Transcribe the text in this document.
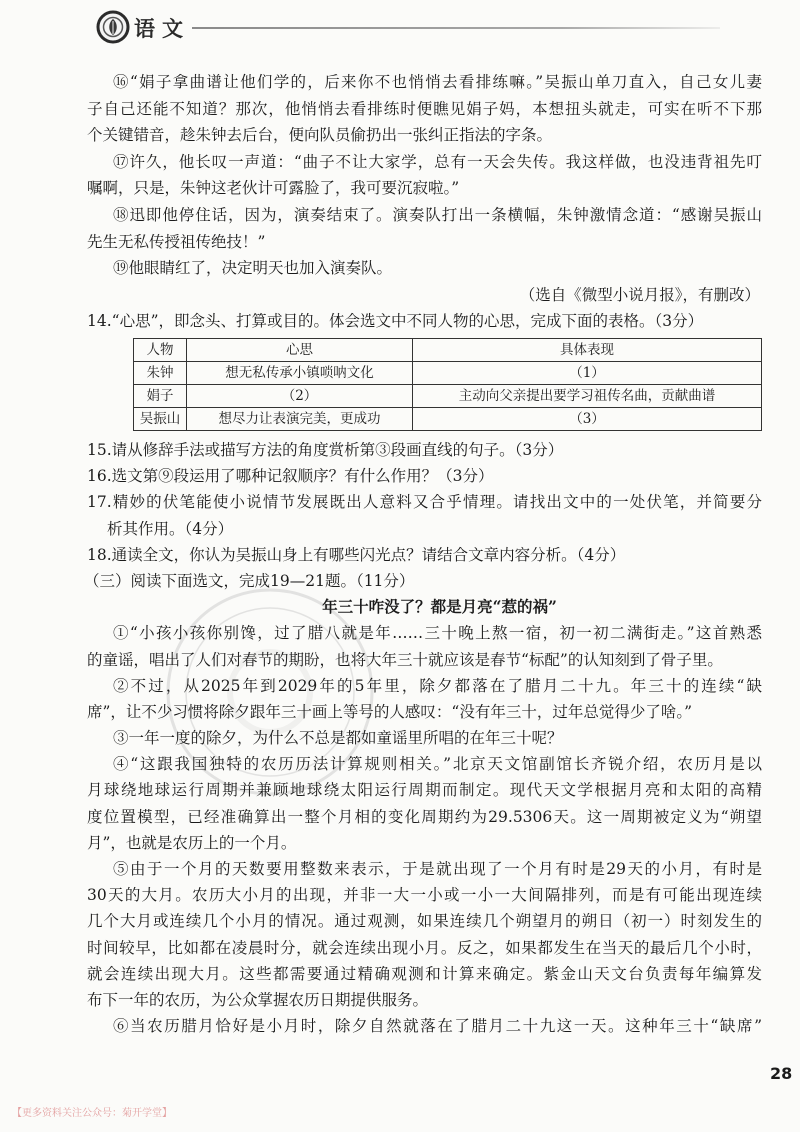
语文
⑯“娟子拿曲谱让他们学的，后来你不也悄悄去看排练嘛。”吴振山单刀直入，自己女儿妻
子自己还能不知道？那次，他悄悄去看排练时便瞧见娟子妈，本想扭头就走，可实在听不下那
个关键错音，趁朱钟去后台，便向队员偷扔出一张纠正指法的字条。
⑰许久，他长叹一声道：“曲子不让大家学，总有一天会失传。我这样做，也没违背祖先叮
嘱啊，只是，朱钟这老伙计可露脸了，我可要沉寂啦。”
⑱迅即他停住话，因为，演奏结束了。演奏队打出一条横幅，朱钟激情念道：“感谢吴振山
先生无私传授祖传绝技！”
⑲他眼睛红了，决定明天也加入演奏队。
（选自《微型小说月报》，有删改）
14.“心思”，即念头、打算或目的。体会选文中不同人物的心思，完成下面的表格。（3分）
人物	心思	具体表现
朱钟	想无私传承小镇唢呐文化	（1）
娟子	（2）	主动向父亲提出要学习祖传名曲，贡献曲谱
吴振山	想尽力让表演完美，更成功	（3）
15.请从修辞手法或描写方法的角度赏析第③段画直线的句子。（3分）
16.选文第⑨段运用了哪种记叙顺序？有什么作用？（3分）
17.精妙的伏笔能使小说情节发展既出人意料又合乎情理。请找出文中的一处伏笔，并简要分
析其作用。（4分）
18.通读全文，你认为吴振山身上有哪些闪光点？请结合文章内容分析。（4分）
（三）阅读下面选文，完成19—21题。（11分）
年三十咋没了？都是月亮“惹的祸”
①“小孩小孩你别馋，过了腊八就是年……三十晚上熬一宿，初一初二满街走。”这首熟悉
的童谣，唱出了人们对春节的期盼，也将大年三十就应该是春节“标配”的认知刻到了骨子里。
②不过，从2025年到2029年的5年里，除夕都落在了腊月二十九。年三十的连续“缺
席”，让不少习惯将除夕跟年三十画上等号的人感叹：“没有年三十，过年总觉得少了啥。”
③一年一度的除夕，为什么不总是都如童谣里所唱的在年三十呢？
④“这跟我国独特的农历历法计算规则相关。”北京天文馆副馆长齐锐介绍，农历月是以
月球绕地球运行周期并兼顾地球绕太阳运行周期而制定。现代天文学根据月亮和太阳的高精
度位置模型，已经准确算出一整个月相的变化周期约为29.5306天。这一周期被定义为“朔望
月”，也就是农历上的一个月。
⑤由于一个月的天数要用整数来表示，于是就出现了一个月有时是29天的小月，有时是
30天的大月。农历大小月的出现，并非一大一小或一小一大间隔排列，而是有可能出现连续
几个大月或连续几个小月的情况。通过观测，如果连续几个朔望月的朔日（初一）时刻发生的
时间较早，比如都在凌晨时分，就会连续出现小月。反之，如果都发生在当天的最后几个小时，
就会连续出现大月。这些都需要通过精确观测和计算来确定。紫金山天文台负责每年编算发
布下一年的农历，为公众掌握农历日期提供服务。
⑥当农历腊月恰好是小月时，除夕自然就落在了腊月二十九这一天。这种年三十“缺席”
28
【更多资料关注公众号：菊开学堂】
